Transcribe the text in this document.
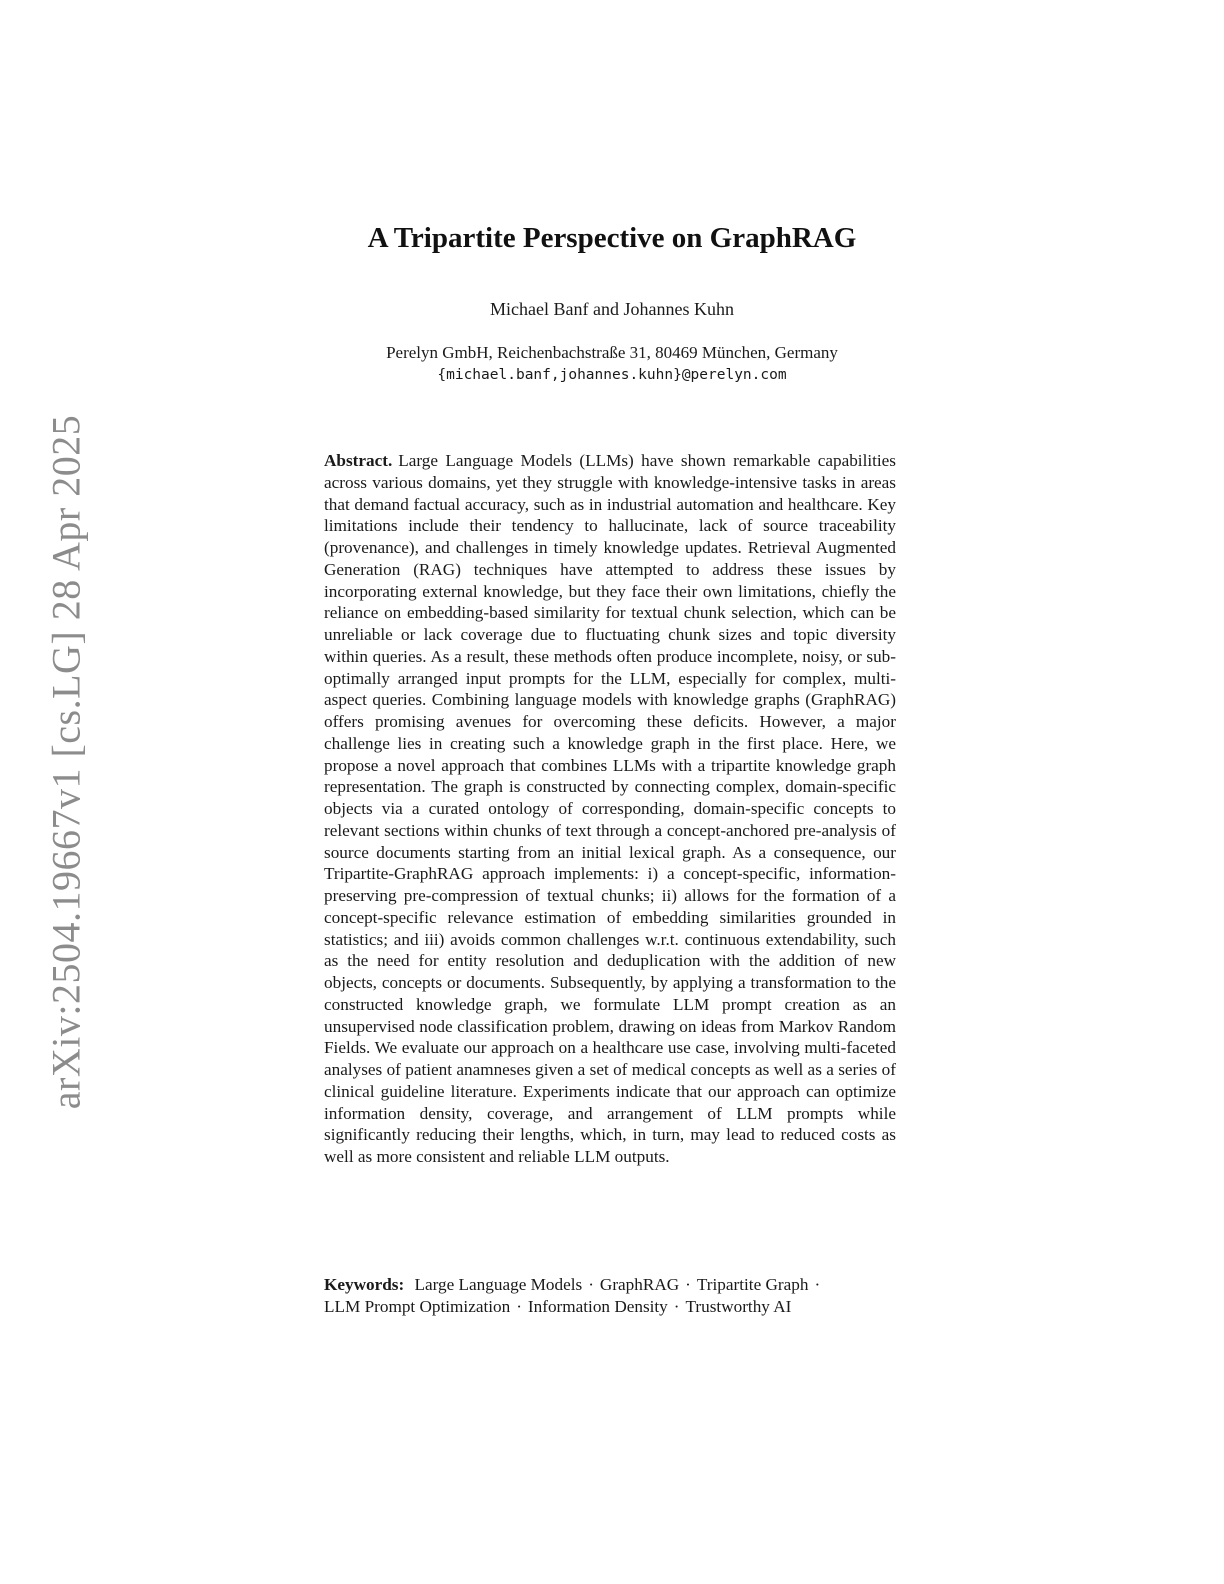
arXiv:2504.19667v1 [cs.LG] 28 Apr 2025
A Tripartite Perspective on GraphRAG
Michael Banf and Johannes Kuhn
Perelyn GmbH, Reichenbachstraße 31, 80469 München, Germany
{michael.banf,johannes.kuhn}@perelyn.com
Abstract. Large Language Models (LLMs) have shown remarkable capabilities across various domains, yet they struggle with knowledge-intensive tasks in areas that demand factual accuracy, such as in industrial automation and healthcare. Key limitations include their tendency to hallucinate, lack of source traceability (provenance), and challenges in timely knowledge updates. Retrieval Augmented Generation (RAG) techniques have attempted to address these issues by incorporating external knowledge, but they face their own limitations, chiefly the reliance on embedding-based similarity for textual chunk selection, which can be unreliable or lack coverage due to fluctuating chunk sizes and topic diversity within queries. As a result, these methods often produce incomplete, noisy, or sub-optimally arranged input prompts for the LLM, especially for complex, multi-aspect queries. Combining language models with knowledge graphs (GraphRAG) offers promising avenues for overcoming these deficits. However, a major challenge lies in creating such a knowledge graph in the first place. Here, we propose a novel approach that combines LLMs with a tripartite knowledge graph representation. The graph is constructed by connecting complex, domain-specific objects via a curated ontology of corresponding, domain-specific concepts to relevant sections within chunks of text through a concept-anchored pre-analysis of source documents starting from an initial lexical graph. As a consequence, our Tripartite-GraphRAG approach implements: i) a concept-specific, information-preserving pre-compression of textual chunks; ii) allows for the formation of a concept-specific relevance estimation of embedding similarities grounded in statistics; and iii) avoids common challenges w.r.t. continuous extendability, such as the need for entity resolution and deduplication with the addition of new objects, concepts or documents. Subsequently, by applying a transformation to the constructed knowledge graph, we formulate LLM prompt creation as an unsupervised node classification problem, drawing on ideas from Markov Random Fields. We evaluate our approach on a healthcare use case, involving multi-faceted analyses of patient anamneses given a set of medical concepts as well as a series of clinical guideline literature. Experiments indicate that our approach can optimize information density, coverage, and arrangement of LLM prompts while significantly reducing their lengths, which, in turn, may lead to reduced costs as well as more consistent and reliable LLM outputs.
Keywords: Large Language Models · GraphRAG · Tripartite Graph ·
LLM Prompt Optimization · Information Density · Trustworthy AI
